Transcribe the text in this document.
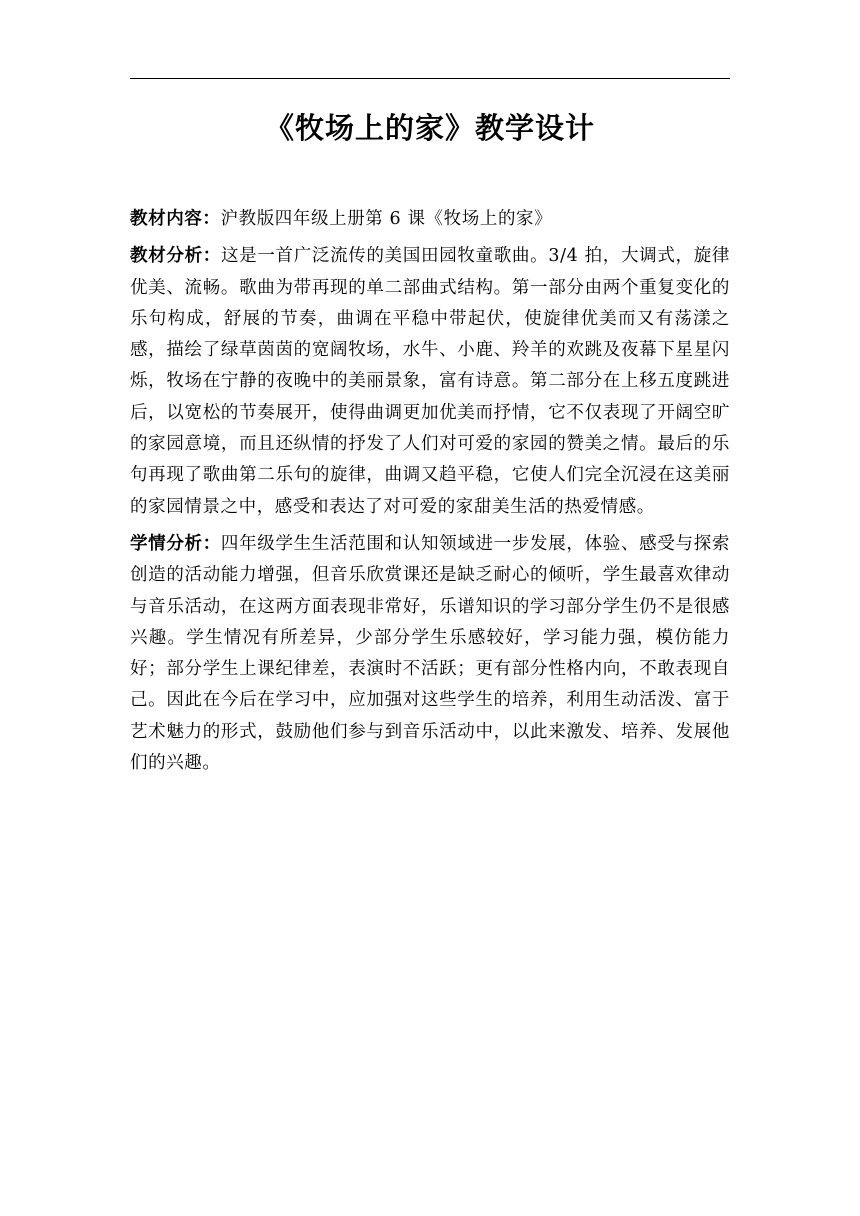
《牧场上的家》教学设计

教材内容：沪教版四年级上册第 6 课《牧场上的家》

教材分析：这是一首广泛流传的美国田园牧童歌曲。3/4 拍，大调式，旋律优美、流畅。歌曲为带再现的单二部曲式结构。第一部分由两个重复变化的乐句构成，舒展的节奏，曲调在平稳中带起伏，使旋律优美而又有荡漾之感，描绘了绿草茵茵的宽阔牧场，水牛、小鹿、羚羊的欢跳及夜幕下星星闪烁，牧场在宁静的夜晚中的美丽景象，富有诗意。第二部分在上移五度跳进后，以宽松的节奏展开，使得曲调更加优美而抒情，它不仅表现了开阔空旷的家园意境，而且还纵情的抒发了人们对可爱的家园的赞美之情。最后的乐句再现了歌曲第二乐句的旋律，曲调又趋平稳，它使人们完全沉浸在这美丽的家园情景之中，感受和表达了对可爱的家甜美生活的热爱情感。

学情分析：四年级学生生活范围和认知领域进一步发展，体验、感受与探索创造的活动能力增强，但音乐欣赏课还是缺乏耐心的倾听，学生最喜欢律动与音乐活动，在这两方面表现非常好，乐谱知识的学习部分学生仍不是很感兴趣。学生情况有所差异，少部分学生乐感较好，学习能力强，模仿能力好；部分学生上课纪律差，表演时不活跃；更有部分性格内向，不敢表现自己。因此在今后在学习中，应加强对这些学生的培养，利用生动活泼、富于艺术魅力的形式，鼓励他们参与到音乐活动中，以此来激发、培养、发展他们的兴趣。
